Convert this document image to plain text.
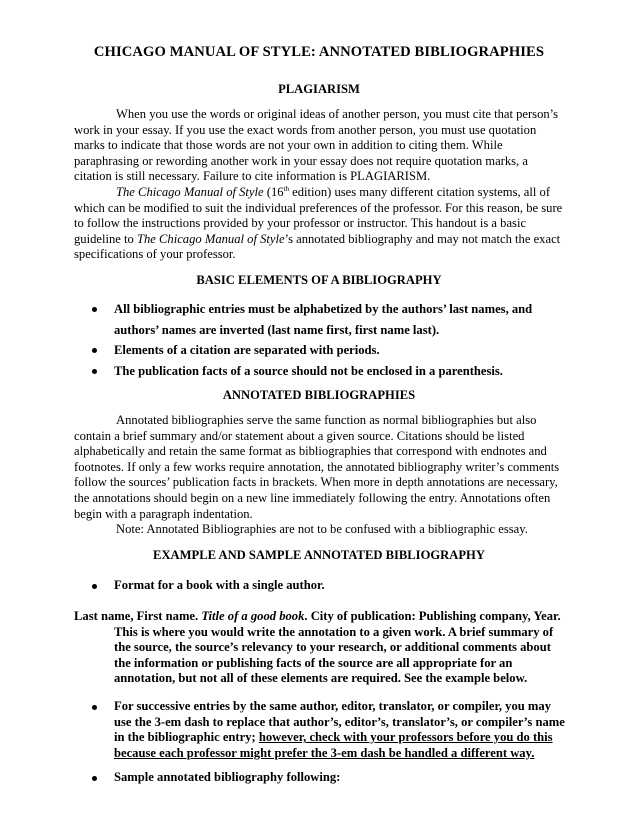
CHICAGO MANUAL OF STYLE: ANNOTATED BIBLIOGRAPHIES
PLAGIARISM
When you use the words or original ideas of another person, you must cite that person’s
work in your essay. If you use the exact words from another person, you must use quotation
marks to indicate that those words are not your own in addition to citing them. While
paraphrasing or rewording another work in your essay does not require quotation marks, a
citation is still necessary. Failure to cite information is PLAGIARISM.
The Chicago Manual of Style (16th edition) uses many different citation systems, all of
which can be modified to suit the individual preferences of the professor. For this reason, be sure
to follow the instructions provided by your professor or instructor. This handout is a basic
guideline to The Chicago Manual of Style’s annotated bibliography and may not match the exact
specifications of your professor.
BASIC ELEMENTS OF A BIBLIOGRAPHY
All bibliographic entries must be alphabetized by the authors’ last names, and
authors’ names are inverted (last name first, first name last).
Elements of a citation are separated with periods.
The publication facts of a source should not be enclosed in a parenthesis.
ANNOTATED BIBLIOGRAPHIES
Annotated bibliographies serve the same function as normal bibliographies but also
contain a brief summary and/or statement about a given source. Citations should be listed
alphabetically and retain the same format as bibliographies that correspond with endnotes and
footnotes. If only a few works require annotation, the annotated bibliography writer’s comments
follow the sources’ publication facts in brackets. When more in depth annotations are necessary,
the annotations should begin on a new line immediately following the entry. Annotations often
begin with a paragraph indentation.
Note: Annotated Bibliographies are not to be confused with a bibliographic essay.
EXAMPLE AND SAMPLE ANNOTATED BIBLIOGRAPHY
Format for a book with a single author.
Last name, First name. Title of a good book. City of publication: Publishing company, Year.
This is where you would write the annotation to a given work. A brief summary of
the source, the source’s relevancy to your research, or additional comments about
the information or publishing facts of the source are all appropriate for an
annotation, but not all of these elements are required. See the example below.
For successive entries by the same author, editor, translator, or compiler, you may
use the 3-em dash to replace that author’s, editor’s, translator’s, or compiler’s name
in the bibliographic entry; however, check with your professors before you do this
because each professor might prefer the 3-em dash be handled a different way.
Sample annotated bibliography following:
